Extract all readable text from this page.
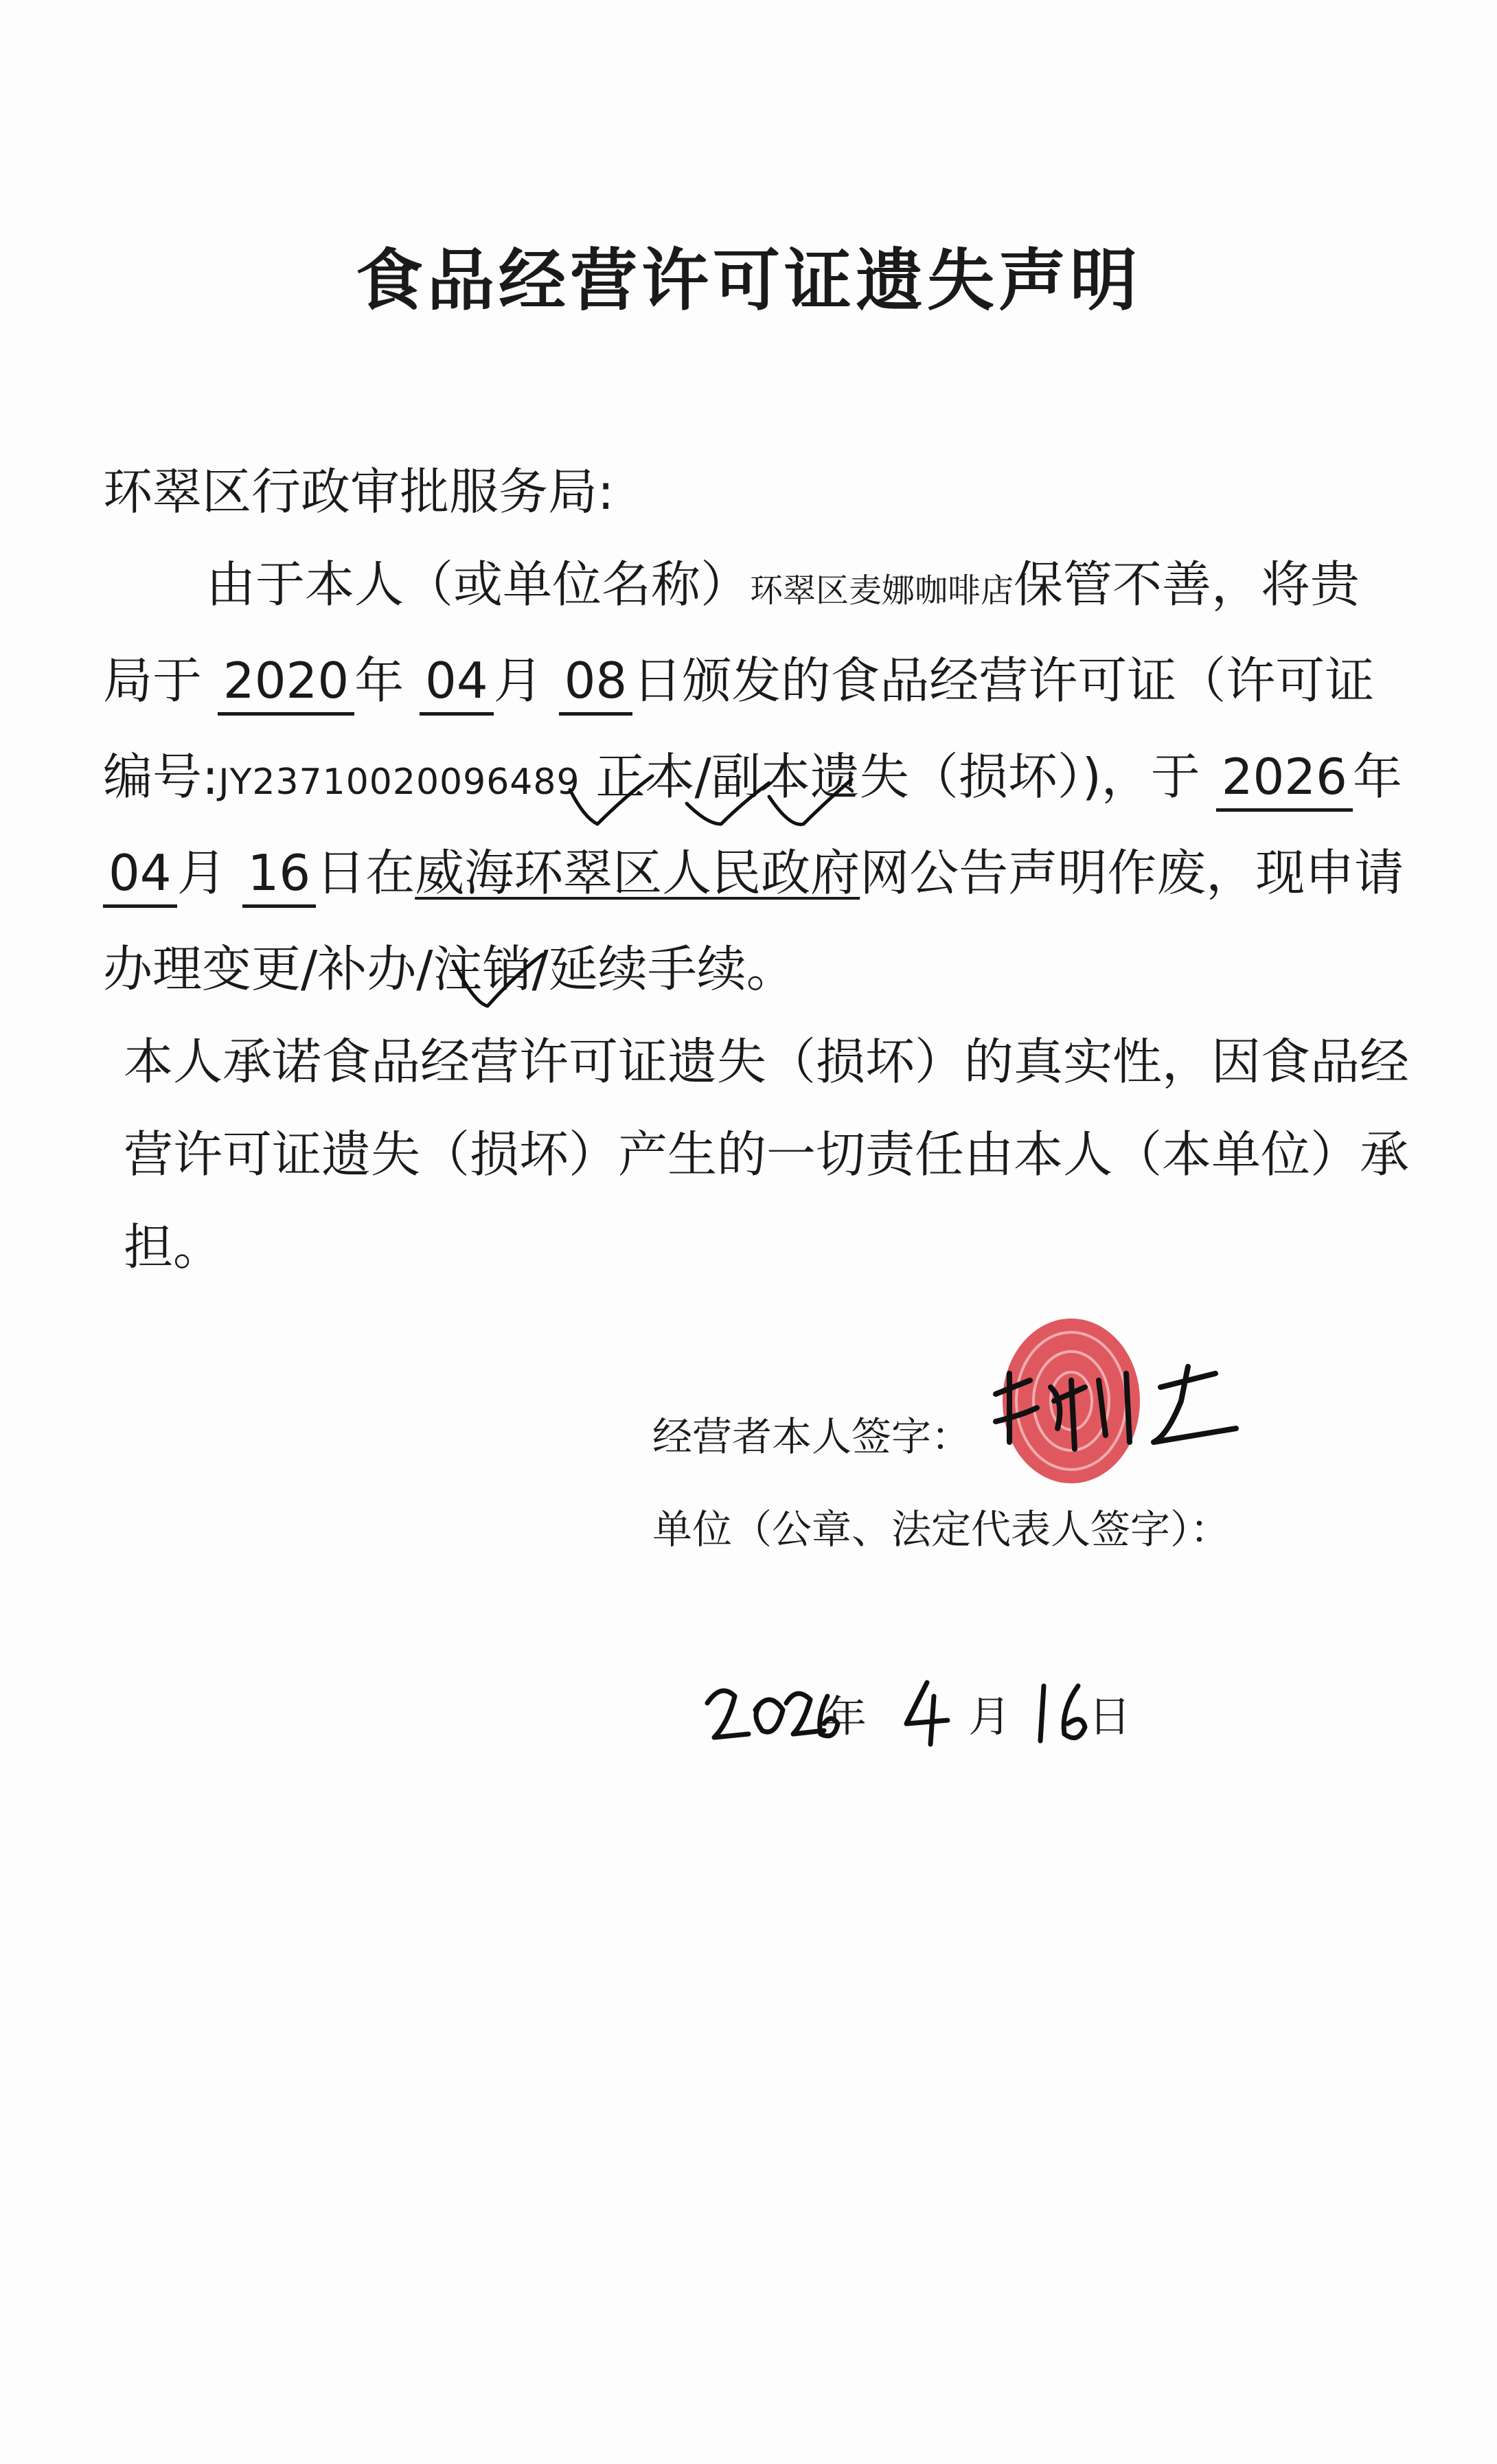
食品经营许可证遗失声明
环翠区行政审批服务局:
由于本人（或单位名称）环翠区麦娜咖啡店保管不善，将贵
局于 2020 年 04 月 08 日颁发的食品经营许可证（许可证
编号:JY23710020096489 正本/副本遗失（损坏）)，于 2026 年
04 月 16 日在威海环翠区人民政府网公告声明作废，现申请
办理变更/补办/注销/延续手续。
本人承诺食品经营许可证遗失（损坏）的真实性，因食品经
营许可证遗失（损坏）产生的一切责任由本人（本单位）承
担。
经营者本人签字：
单位（公章、法定代表人签字）：
年 月 日
